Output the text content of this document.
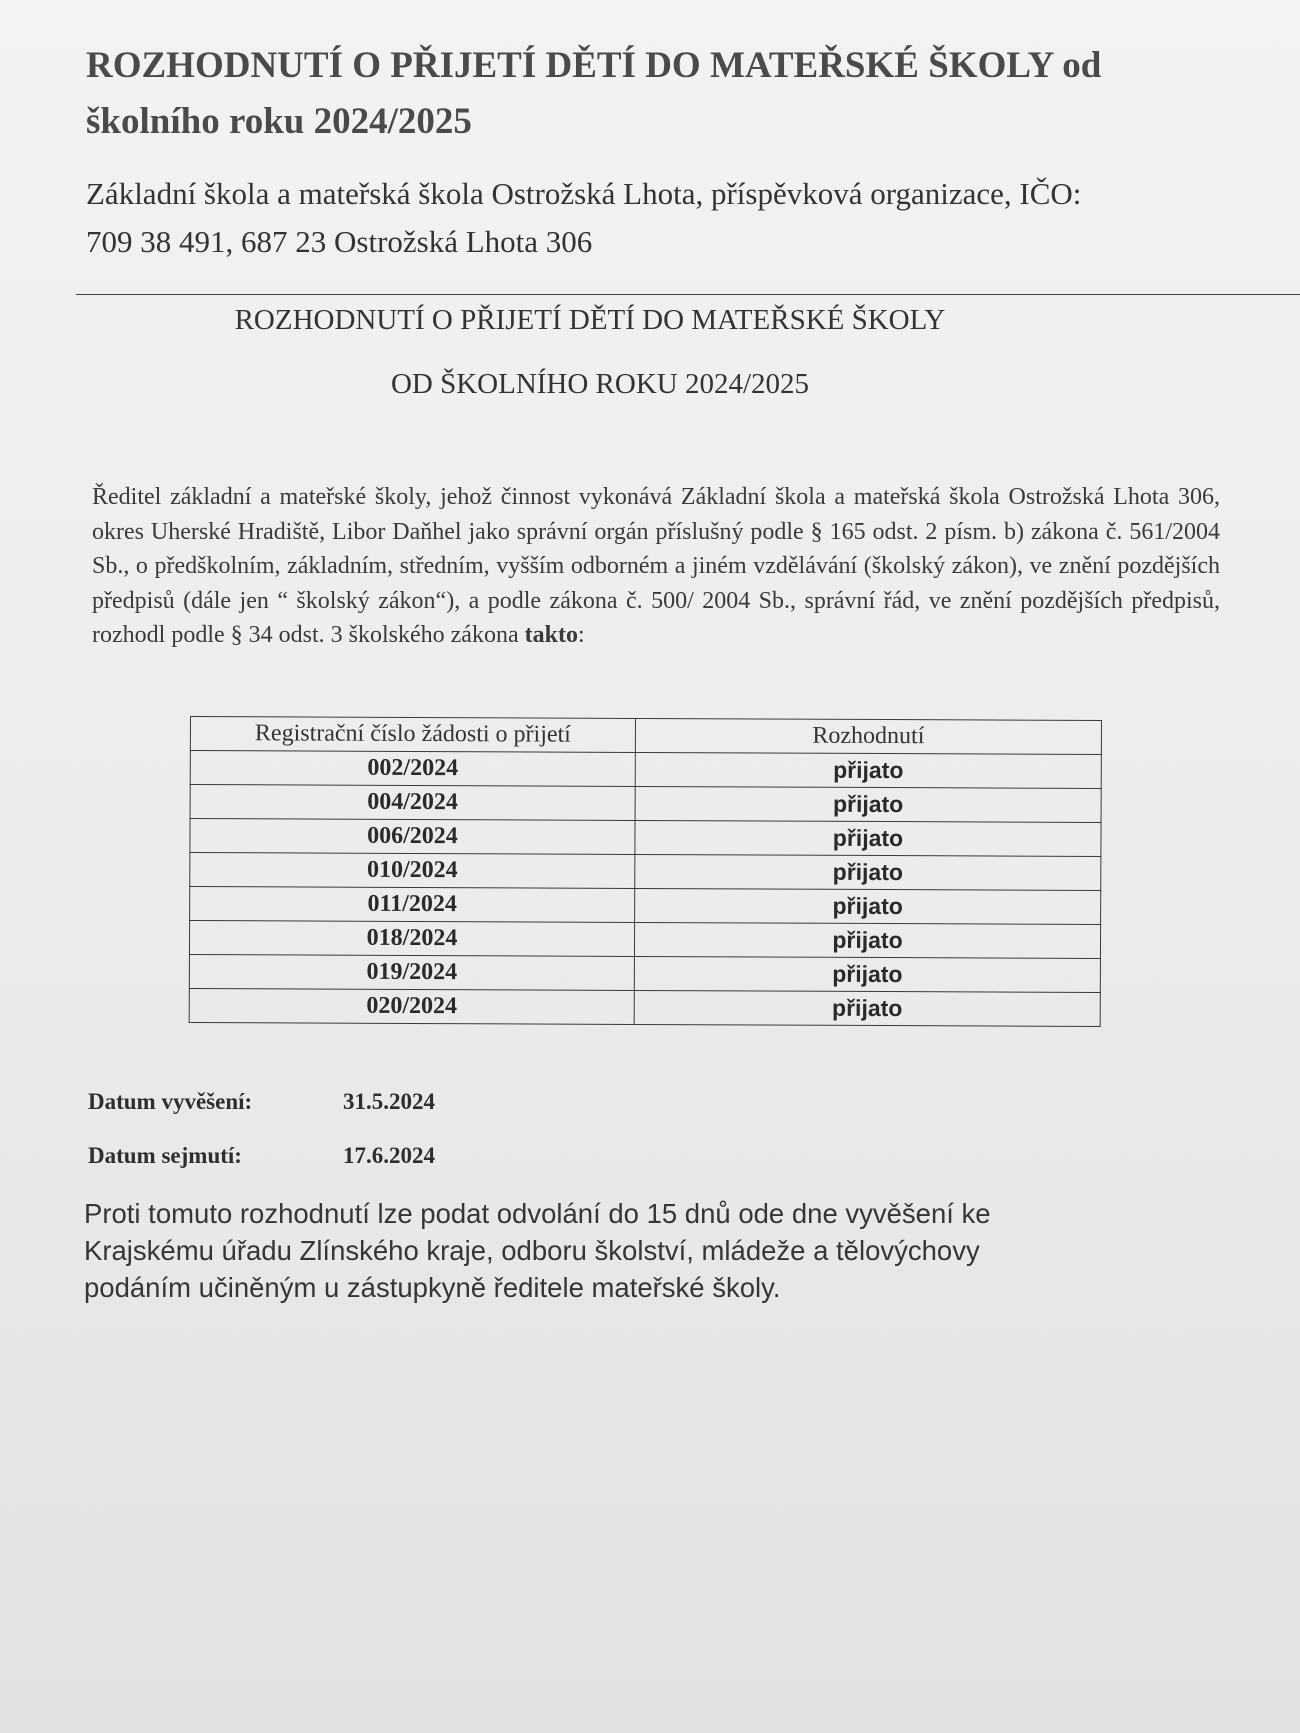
ROZHODNUTÍ O PŘIJETÍ DĚTÍ DO MATEŘSKÉ ŠKOLY od
školního roku 2024/2025

Základní škola a mateřská škola Ostrožská Lhota, příspěvková organizace, IČO:
709 38 491, 687 23 Ostrožská Lhota 306

ROZHODNUTÍ O PŘIJETÍ DĚTÍ DO MATEŘSKÉ ŠKOLY
OD ŠKOLNÍHO ROKU 2024/2025

Ředitel základní a mateřské školy, jehož činnost vykonává Základní škola a mateřská škola Ostrožská Lhota 306, okres Uherské Hradiště, Libor Daňhel jako správní orgán příslušný podle § 165 odst. 2 písm. b) zákona č. 561/2004 Sb., o předškolním, základním, středním, vyšším odborném a jiném vzdělávání (školský zákon), ve znění pozdějších předpisů (dále jen “ školský zákon“), a podle zákona č. 500/ 2004 Sb., správní řád, ve znění pozdějších předpisů, rozhodl podle § 34 odst. 3 školského zákona takto:

Registrační číslo žádosti o přijetí	Rozhodnutí
002/2024	přijato
004/2024	přijato
006/2024	přijato
010/2024	přijato
011/2024	přijato
018/2024	přijato
019/2024	přijato
020/2024	přijato
Datum vyvěšení:	31.5.2024
Datum sejmutí:	17.6.2024

Proti tomuto rozhodnutí lze podat odvolání do 15 dnů ode dne vyvěšení ke
Krajskému úřadu Zlínského kraje, odboru školství, mládeže a tělovýchovy
podáním učiněným u zástupkyně ředitele mateřské školy.
